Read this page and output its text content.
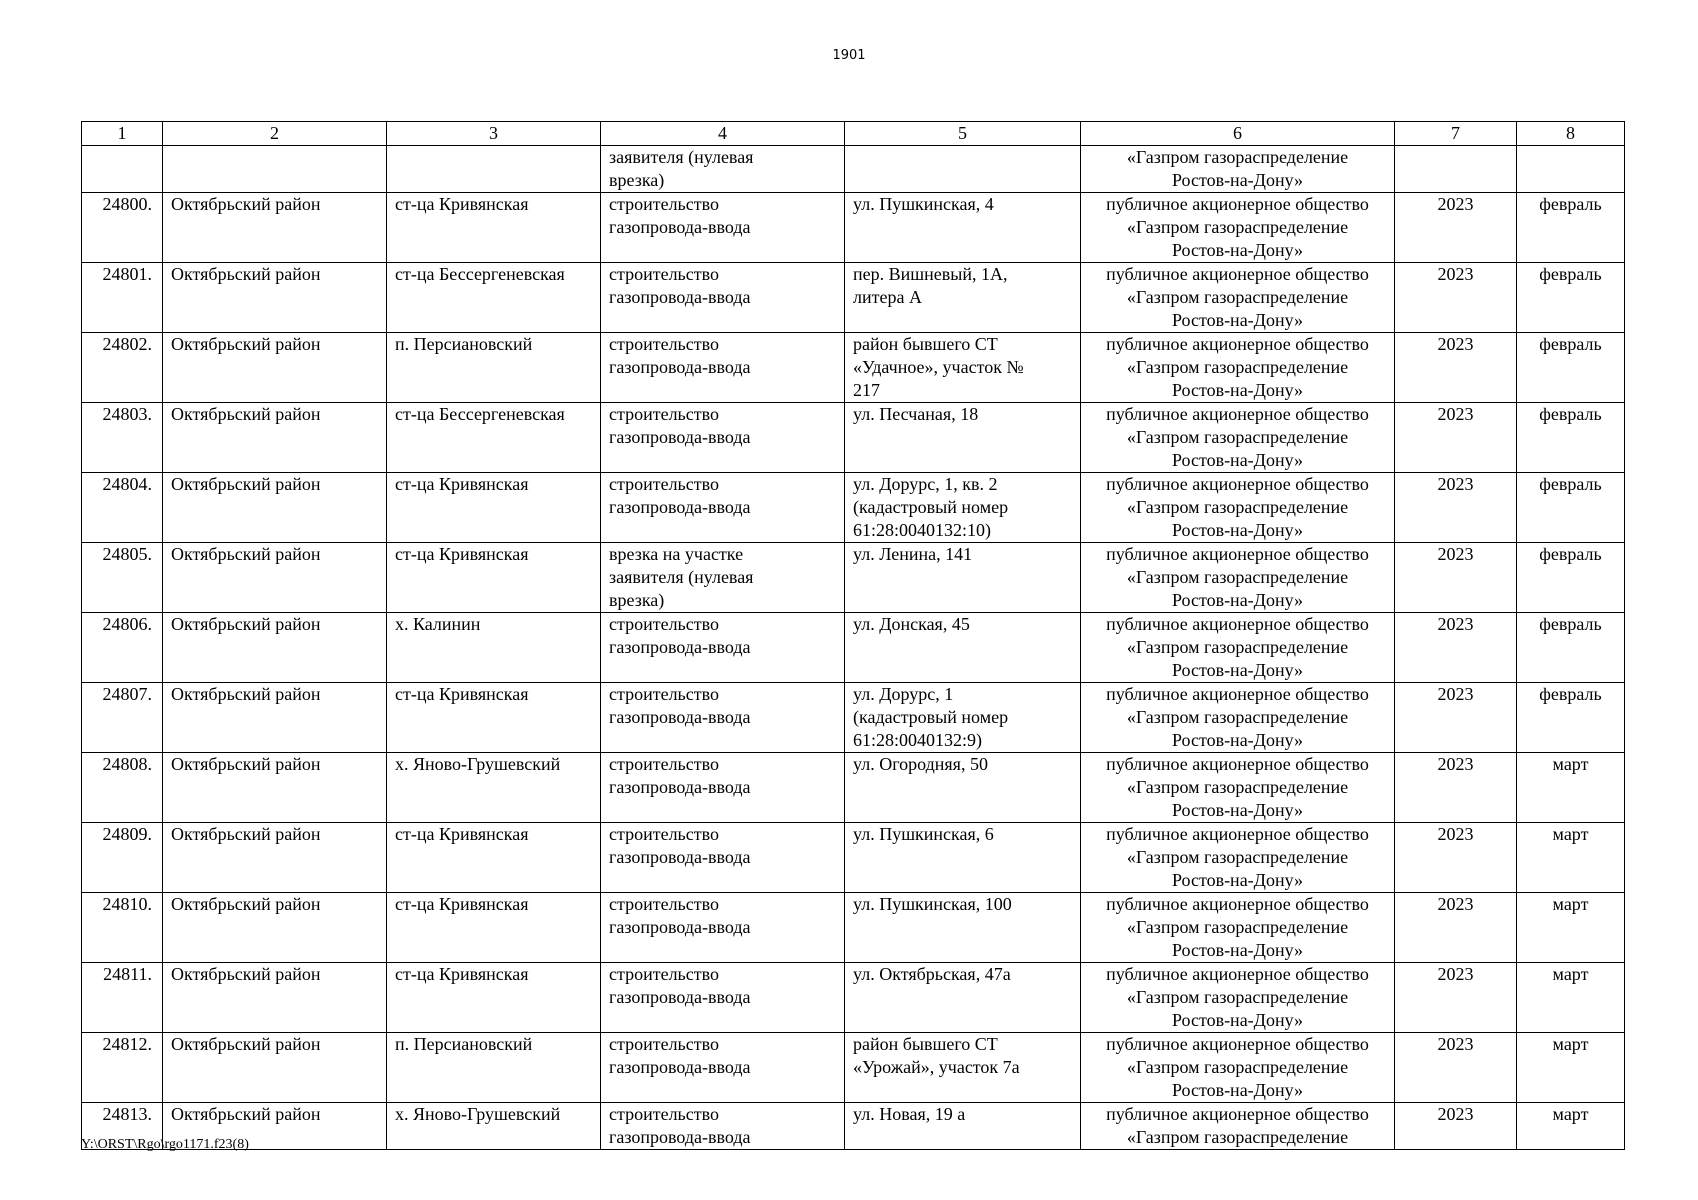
1901
1	2	3	4	5	6	7	8
			заявителя (нулевая
врезка)		«Газпром газораспределение
Ростов-на-Дону»		
24800.	Октябрьский район	ст-ца Кривянская	строительство
газопровода-ввода	ул. Пушкинская, 4	публичное акционерное общество
«Газпром газораспределение
Ростов-на-Дону»	2023	февраль
24801.	Октябрьский район	ст-ца Бессергеневская	строительство
газопровода-ввода	пер. Вишневый, 1А,
литера А	публичное акционерное общество
«Газпром газораспределение
Ростов-на-Дону»	2023	февраль
24802.	Октябрьский район	п. Персиановский	строительство
газопровода-ввода	район бывшего СТ
«Удачное», участок №
217	публичное акционерное общество
«Газпром газораспределение
Ростов-на-Дону»	2023	февраль
24803.	Октябрьский район	ст-ца Бессергеневская	строительство
газопровода-ввода	ул. Песчаная, 18	публичное акционерное общество
«Газпром газораспределение
Ростов-на-Дону»	2023	февраль
24804.	Октябрьский район	ст-ца Кривянская	строительство
газопровода-ввода	ул. Дорурс, 1, кв. 2
(кадастровый номер
61:28:0040132:10)	публичное акционерное общество
«Газпром газораспределение
Ростов-на-Дону»	2023	февраль
24805.	Октябрьский район	ст-ца Кривянская	врезка на участке
заявителя (нулевая
врезка)	ул. Ленина, 141	публичное акционерное общество
«Газпром газораспределение
Ростов-на-Дону»	2023	февраль
24806.	Октябрьский район	х. Калинин	строительство
газопровода-ввода	ул. Донская, 45	публичное акционерное общество
«Газпром газораспределение
Ростов-на-Дону»	2023	февраль
24807.	Октябрьский район	ст-ца Кривянская	строительство
газопровода-ввода	ул. Дорурс, 1
(кадастровый номер
61:28:0040132:9)	публичное акционерное общество
«Газпром газораспределение
Ростов-на-Дону»	2023	февраль
24808.	Октябрьский район	х. Яново-Грушевский	строительство
газопровода-ввода	ул. Огородняя, 50	публичное акционерное общество
«Газпром газораспределение
Ростов-на-Дону»	2023	март
24809.	Октябрьский район	ст-ца Кривянская	строительство
газопровода-ввода	ул. Пушкинская, 6	публичное акционерное общество
«Газпром газораспределение
Ростов-на-Дону»	2023	март
24810.	Октябрьский район	ст-ца Кривянская	строительство
газопровода-ввода	ул. Пушкинская, 100	публичное акционерное общество
«Газпром газораспределение
Ростов-на-Дону»	2023	март
24811.	Октябрьский район	ст-ца Кривянская	строительство
газопровода-ввода	ул. Октябрьская, 47а	публичное акционерное общество
«Газпром газораспределение
Ростов-на-Дону»	2023	март
24812.	Октябрьский район	п. Персиановский	строительство
газопровода-ввода	район бывшего СТ
«Урожай», участок 7а	публичное акционерное общество
«Газпром газораспределение
Ростов-на-Дону»	2023	март
24813.	Октябрьский район	х. Яново-Грушевский	строительство
газопровода-ввода	ул. Новая, 19 а	публичное акционерное общество
«Газпром газораспределение	2023	март
Y:\ORST\Rgo\rgo1171.f23(8)
